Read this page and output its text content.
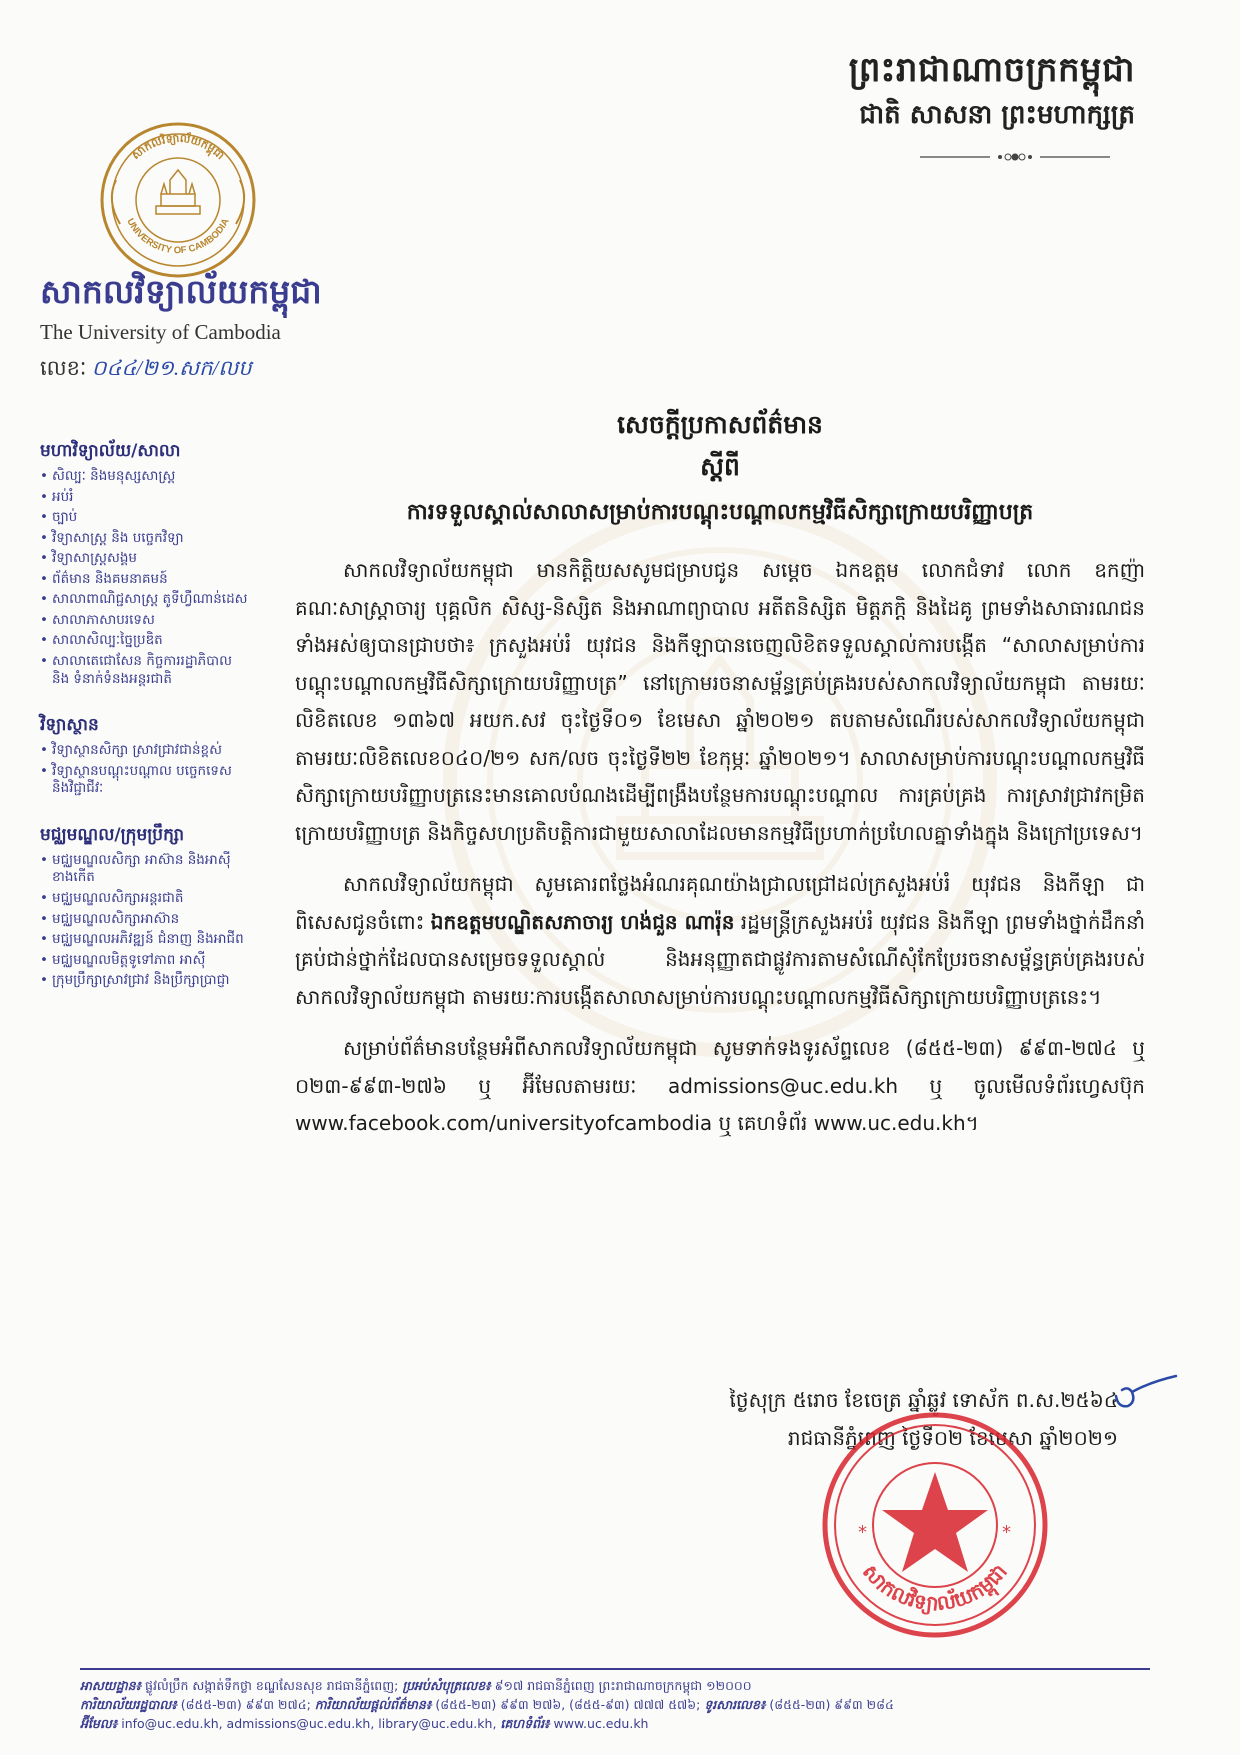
ព្រះរាជាណាចក្រកម្ពុជា
ជាតិ សាសនា ព្រះមហាក្សត្រ
សាកលវិទ្យាល័យកម្ពុជា
UNIVERSITY OF CAMBODIA
សាកលវិទ្យាល័យកម្ពុជា
The University of Cambodia
លេខៈ ០៤៤/២១.សក/លប
មហាវិទ្យាល័យ/សាលា
• សិល្បៈ និងមនុស្សសាស្ត្រ
• អប់រំ
• ច្បាប់
• វិទ្យាសាស្ត្រ និង បច្ចេកវិទ្យា
• វិទ្យាសាស្ត្រសង្គម
• ព័ត៌មាន និងគមនាគមន៍
• សាលាពាណិជ្ជសាស្ត្រ តូទីហ្វឺណាន់ដេស
• សាលាភាសាបរទេស
• សាលាសិល្បៈច្នៃប្រឌិត
• សាលាតេជោសែន កិច្ចការរដ្ឋាភិបាល និង ទំនាក់ទំនងអន្តរជាតិ
វិទ្យាស្ថាន
• វិទ្យាស្ថានសិក្សា ស្រាវជ្រាវជាន់ខ្ពស់
• វិទ្យាស្ថានបណ្តុះបណ្តាល បច្ចេកទេស និងវិជ្ជាជីវៈ
មជ្ឈមណ្ឌល/ក្រុមប្រឹក្សា
• មជ្ឈមណ្ឌលសិក្សា អាស៊ាន និងអាស៊ីខាងកើត
• មជ្ឈមណ្ឌលសិក្សាអន្តរជាតិ
• មជ្ឈមណ្ឌលសិក្សាអាស៊ាន
• មជ្ឈមណ្ឌលអភិវឌ្ឍន៍ ជំនាញ និងអាជីព
• មជ្ឈមណ្ឌលមិត្តទូទៅភាព អាស៊ី
• ក្រុមប្រឹក្សាស្រាវជ្រាវ និងប្រឹក្សាប្រាជ្ញា
សេចក្តីប្រកាសព័ត៌មាន
ស្តីពី
ការទទួលស្គាល់សាលាសម្រាប់ការបណ្តុះបណ្តាលកម្មវិធីសិក្សាក្រោយបរិញ្ញាបត្រ

សាកលវិទ្យាល័យកម្ពុជា មានកិត្តិយសសូមជម្រាបជូន សម្តេច ឯកឧត្តម លោកជំទាវ លោក ឧកញ៉ា គណៈសាស្ត្រាចារ្យ បុគ្គលិក សិស្ស-និស្សិត និងអាណាព្យាបាល អតីតនិស្សិត មិត្តភក្តិ និងដៃគូ ព្រមទាំងសាធារណជនទាំងអស់ឲ្យបានជ្រាបថា៖ ក្រសួងអប់រំ យុវជន និងកីឡាបានចេញលិខិតទទួលស្គាល់ការបង្កើត “សាលាសម្រាប់ការបណ្តុះបណ្តាលកម្មវិធីសិក្សាក្រោយបរិញ្ញាបត្រ” នៅក្រោមរចនាសម្ព័ន្ធគ្រប់គ្រងរបស់សាកលវិទ្យាល័យកម្ពុជា តាមរយៈលិខិតលេខ ១៣៦៧ អយក.សវ ចុះថ្ងៃទី០១ ខែមេសា ឆ្នាំ២០២១ តបតាមសំណើរបស់សាកលវិទ្យាល័យកម្ពុជាតាមរយៈលិខិតលេខ០៤០/២១ សក/លច ចុះថ្ងៃទី២២ ខែកុម្ភៈ ឆ្នាំ២០២១។ សាលាសម្រាប់ការបណ្តុះបណ្តាលកម្មវិធីសិក្សាក្រោយបរិញ្ញាបត្រនេះមានគោលបំណងដើម្បីពង្រឹងបន្ថែមការបណ្តុះបណ្តាល ការគ្រប់គ្រង ការស្រាវជ្រាវកម្រិតក្រោយបរិញ្ញាបត្រ និងកិច្ចសហប្រតិបត្តិការជាមួយសាលាដែលមានកម្មវិធីប្រហាក់ប្រហែលគ្នាទាំងក្នុង និងក្រៅប្រទេស។

សាកលវិទ្យាល័យកម្ពុជា សូមគោរពថ្លែងអំណរគុណយ៉ាងជ្រាលជ្រៅដល់ក្រសួងអប់រំ យុវជន និងកីឡា ជាពិសេសជូនចំពោះ ឯកឧត្តមបណ្ឌិតសភាចារ្យ ហង់ជួន ណារ៉ុន រដ្ឋមន្ត្រីក្រសួងអប់រំ យុវជន និងកីឡា ព្រមទាំងថ្នាក់ដឹកនាំគ្រប់ជាន់ថ្នាក់ដែលបានសម្រេចទទួលស្គាល់ និងអនុញ្ញាតជាផ្លូវការតាមសំណើសុំកែប្រែរចនាសម្ព័ន្ធគ្រប់គ្រងរបស់សាកលវិទ្យាល័យកម្ពុជា តាមរយៈការបង្កើតសាលាសម្រាប់ការបណ្តុះបណ្តាលកម្មវិធីសិក្សាក្រោយបរិញ្ញាបត្រនេះ។

សម្រាប់ព័ត៌មានបន្ថែមអំពីសាកលវិទ្យាល័យកម្ពុជា សូមទាក់ទងទូរស័ព្ទលេខ (៨៥៥-២៣) ៩៩៣-២៧៤ ឬ ០២៣-៩៩៣-២៧៦ ឬ អ៊ីមែលតាមរយៈ admissions@uc.edu.kh ឬ ចូលមើលទំព័រហ្វេសប៊ុក www.facebook.com/universityofcambodia ឬ គេហទំព័រ www.uc.edu.kh។

ថ្ងៃសុក្រ ៥រោច ខែចេត្រ ឆ្នាំឆ្លូវ ទោស័ក ព.ស.២៥៦៤
រាជធានីភ្នំពេញ ថ្ងៃទី០២ ខែមេសា ឆ្នាំ២០២១
សាកលវិទ្យាល័យកម្ពុជា
*	*
អាសយដ្ឋាន៖ ផ្លូវលំប្រឹក សង្កាត់ទឹកថ្លា ខណ្ឌសែនសុខ រាជធានីភ្នំពេញ; ប្រអប់សំបុត្រលេខ៖ ៩១៧ រាជធានីភ្នំពេញ ព្រះរាជាណាចក្រកម្ពុជា ១២០០០
ការិយាល័យរដ្ឋបាល៖ (៨៥៥-២៣) ៩៩៣ ២៧៤; ការិយាល័យផ្តល់ព័ត៌មាន៖ (៨៥៥-២៣) ៩៩៣ ២៧៦, (៨៥៥-៩៣) ៧៧៧ ៥៧៦; ទូរសារលេខ៖ (៨៥៥-២៣) ៩៩៣ ២៨៤
អ៊ីមែល៖ info@uc.edu.kh, admissions@uc.edu.kh, library@uc.edu.kh, គេហទំព័រ៖ www.uc.edu.kh
